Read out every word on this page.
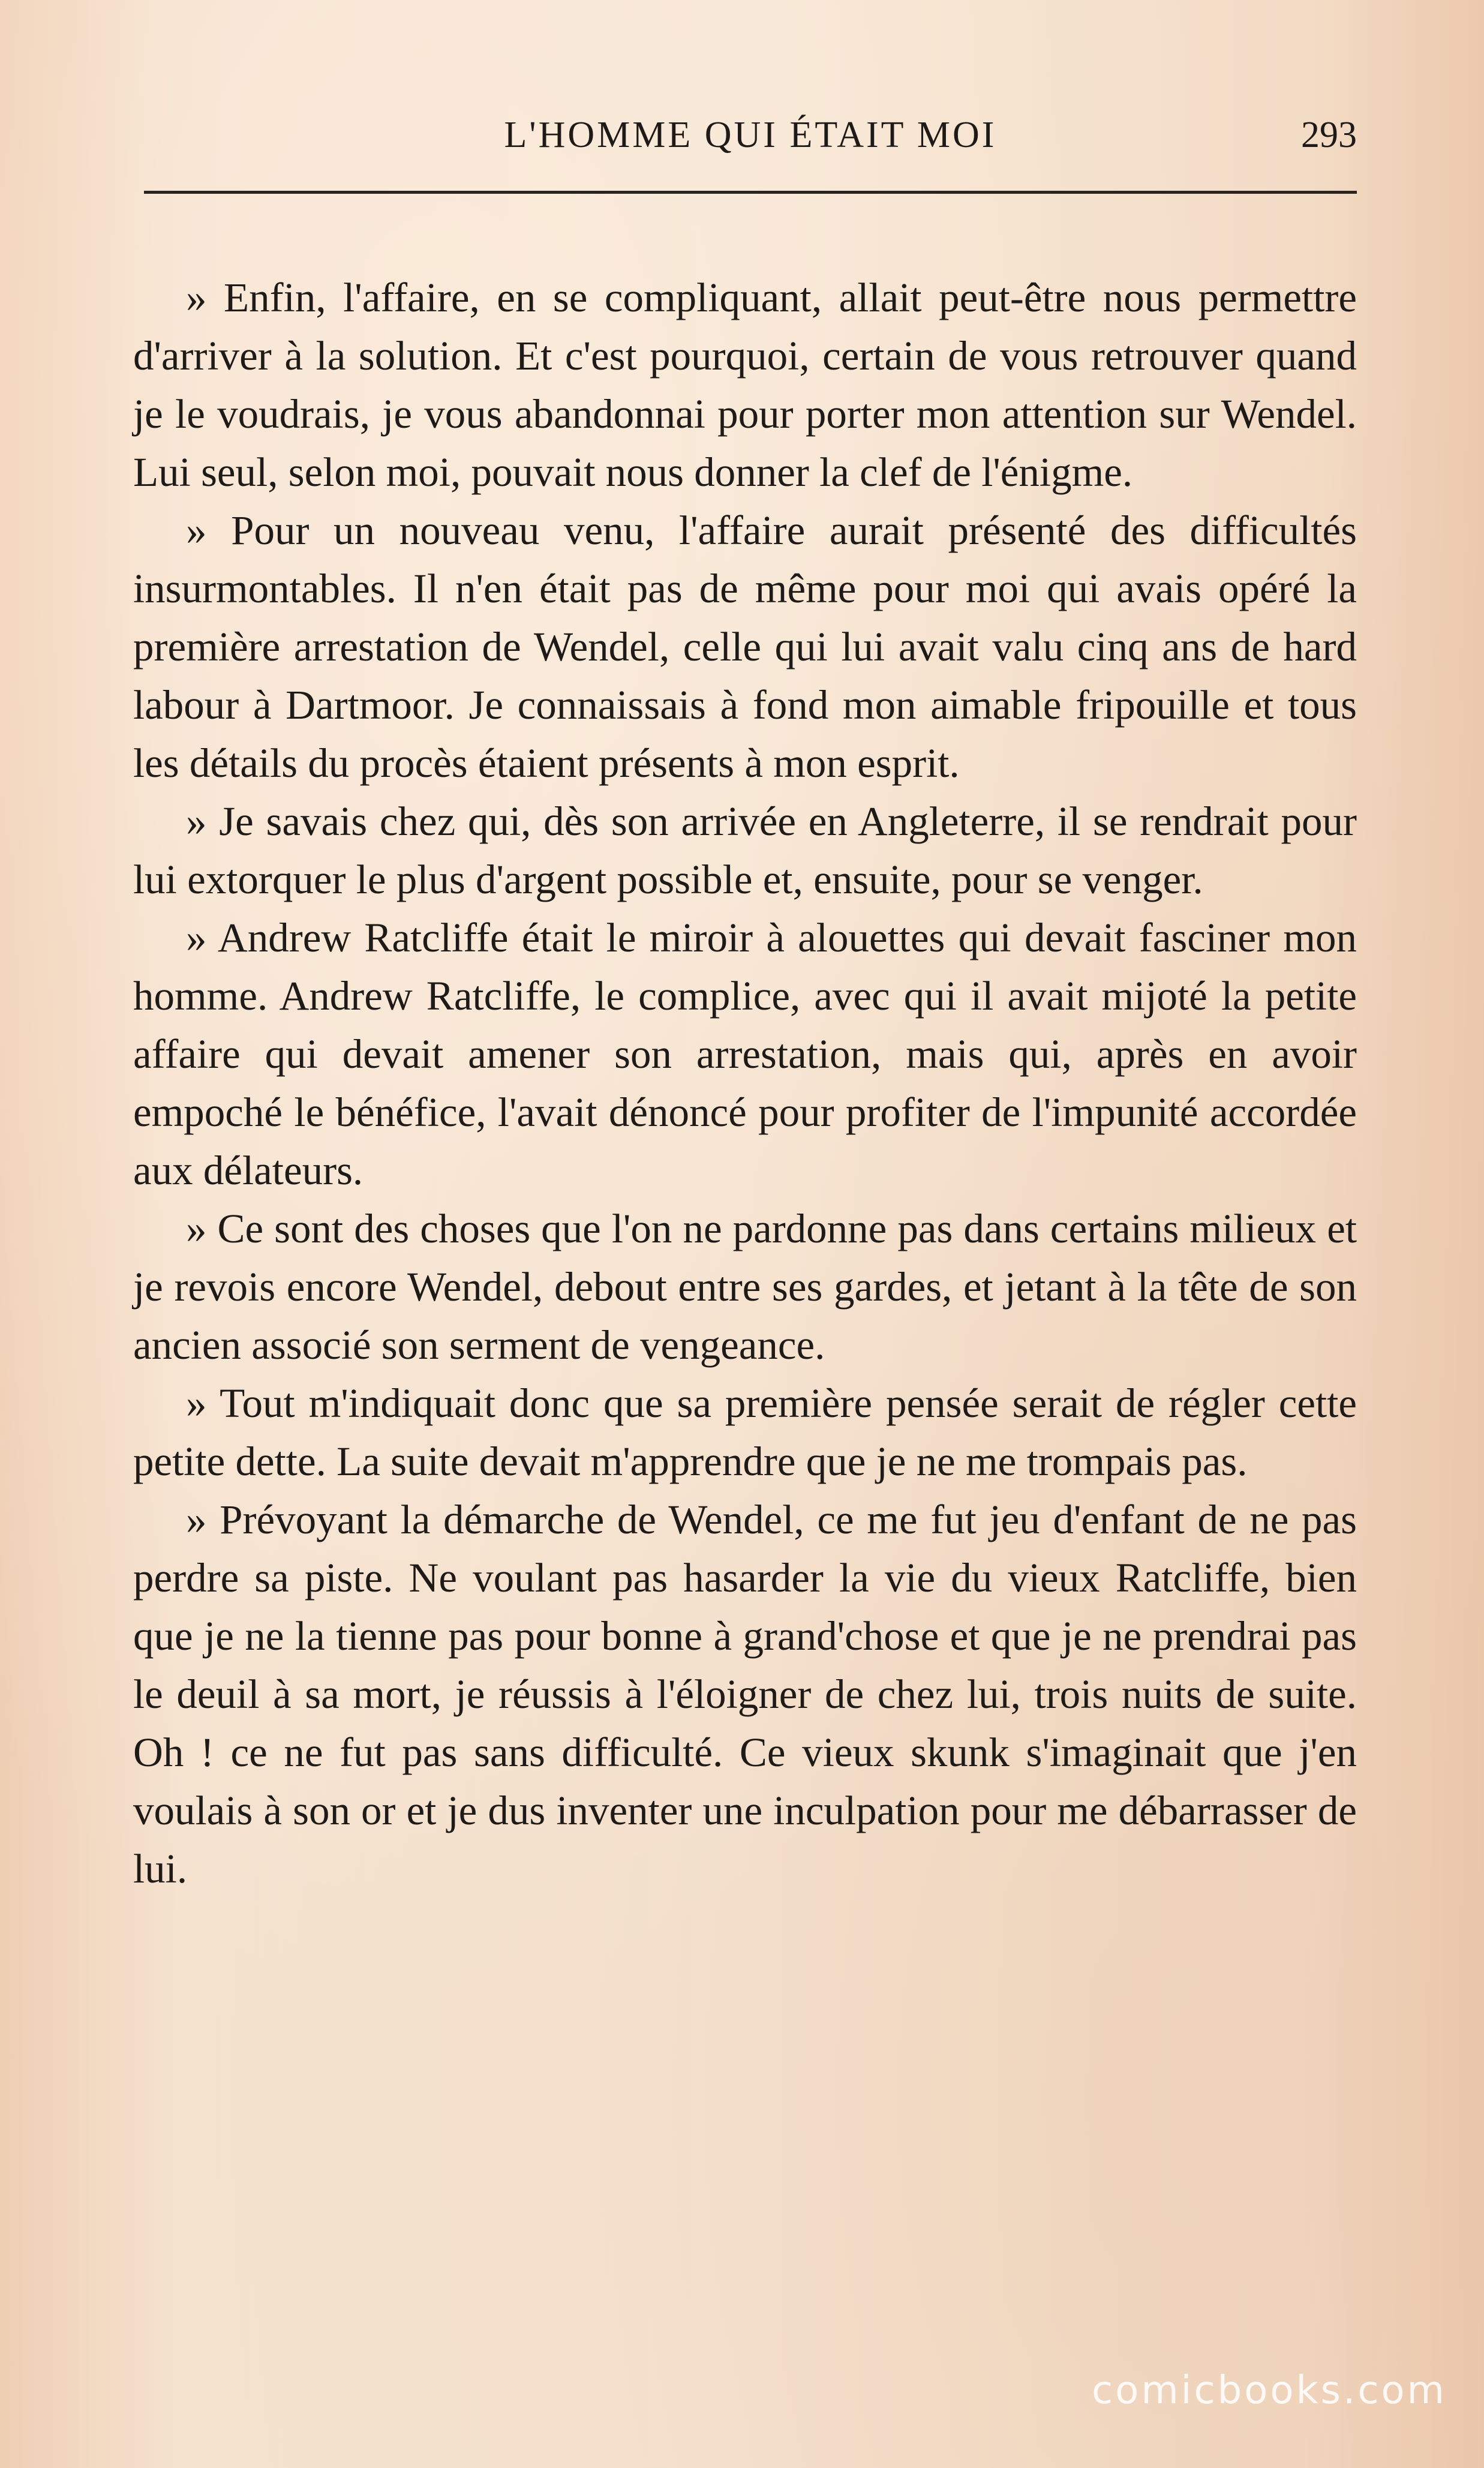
L'HOMME QUI ÉTAIT MOI	293

» Enfin, l'affaire, en se compliquant, allait peut-être nous permettre d'arriver à la solution. Et c'est pourquoi, certain de vous retrouver quand je le voudrais, je vous abandonnai pour porter mon attention sur Wendel. Lui seul, selon moi, pouvait nous donner la clef de l'énigme.

» Pour un nouveau venu, l'affaire aurait présenté des difficultés insurmontables. Il n'en était pas de même pour moi qui avais opéré la première arrestation de Wendel, celle qui lui avait valu cinq ans de hard labour à Dartmoor. Je connaissais à fond mon aimable fripouille et tous les détails du procès étaient présents à mon esprit.

» Je savais chez qui, dès son arrivée en Angleterre, il se rendrait pour lui extorquer le plus d'argent possible et, ensuite, pour se venger.

» Andrew Ratcliffe était le miroir à alouettes qui devait fasciner mon homme. Andrew Ratcliffe, le complice, avec qui il avait mijoté la petite affaire qui devait amener son arrestation, mais qui, après en avoir empoché le bénéfice, l'avait dénoncé pour profiter de l'impunité accordée aux délateurs.

» Ce sont des choses que l'on ne pardonne pas dans certains milieux et je revois encore Wendel, debout entre ses gardes, et jetant à la tête de son ancien associé son serment de vengeance.

» Tout m'indiquait donc que sa première pensée serait de régler cette petite dette. La suite devait m'apprendre que je ne me trompais pas.

» Prévoyant la démarche de Wendel, ce me fut jeu d'enfant de ne pas perdre sa piste. Ne voulant pas hasarder la vie du vieux Ratcliffe, bien que je ne la tienne pas pour bonne à grand'chose et que je ne prendrai pas le deuil à sa mort, je réussis à l'éloigner de chez lui, trois nuits de suite. Oh ! ce ne fut pas sans difficulté. Ce vieux skunk s'imaginait que j'en voulais à son or et je dus inventer une inculpation pour me débarrasser de lui.

comicbooks.com
